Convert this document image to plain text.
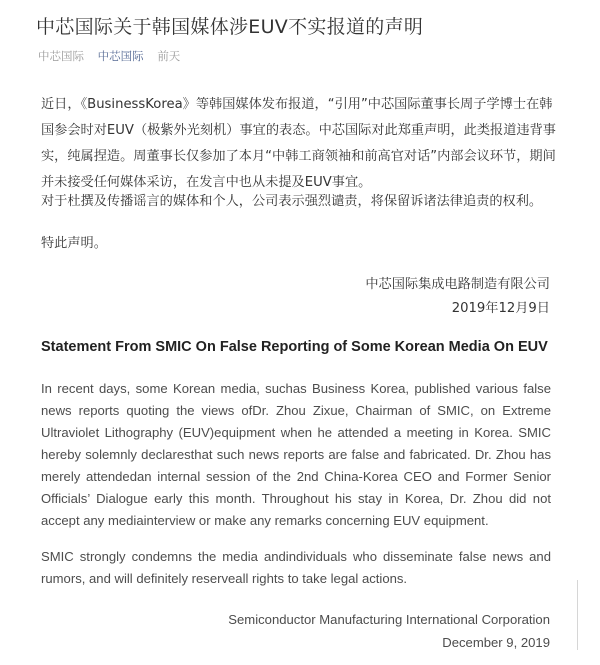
中芯国际关于韩国媒体涉EUV不实报道的声明
中芯国际 中芯国际 前天

近日，《BusinessKorea》等韩国媒体发布报道，“引用”中芯国际董事长周子学博士在韩国参会时对EUV（极紫外光刻机）事宜的表态。中芯国际对此郑重声明，此类报道违背事实，纯属捏造。周董事长仅参加了本月“中韩工商领袖和前高官对话”内部会议环节，期间并未接受任何媒体采访，在发言中也从未提及EUV事宜。

对于杜撰及传播谣言的媒体和个人，公司表示强烈谴责，将保留诉诸法律追责的权利。

特此声明。

中芯国际集成电路制造有限公司
2019年12月9日
Statement From SMIC On False Reporting of Some Korean Media On EUV

In recent days, some Korean media, suchas Business Korea, published various false news reports quoting the views ofDr. Zhou Zixue, Chairman of SMIC, on Extreme Ultraviolet Lithography (EUV)equipment when he attended a meeting in Korea. SMIC hereby solemnly declaresthat such news reports are false and fabricated. Dr. Zhou has merely attendedan internal session of the 2nd China-Korea CEO and Former Senior Officials’ Dialogue early this month. Throughout his stay in Korea, Dr. Zhou did not accept any mediainterview or make any remarks concerning EUV equipment.

SMIC strongly condemns the media andindividuals who disseminate false news and rumors, and will definitely reserveall rights to take legal actions.

Semiconductor Manufacturing International Corporation
December 9, 2019
